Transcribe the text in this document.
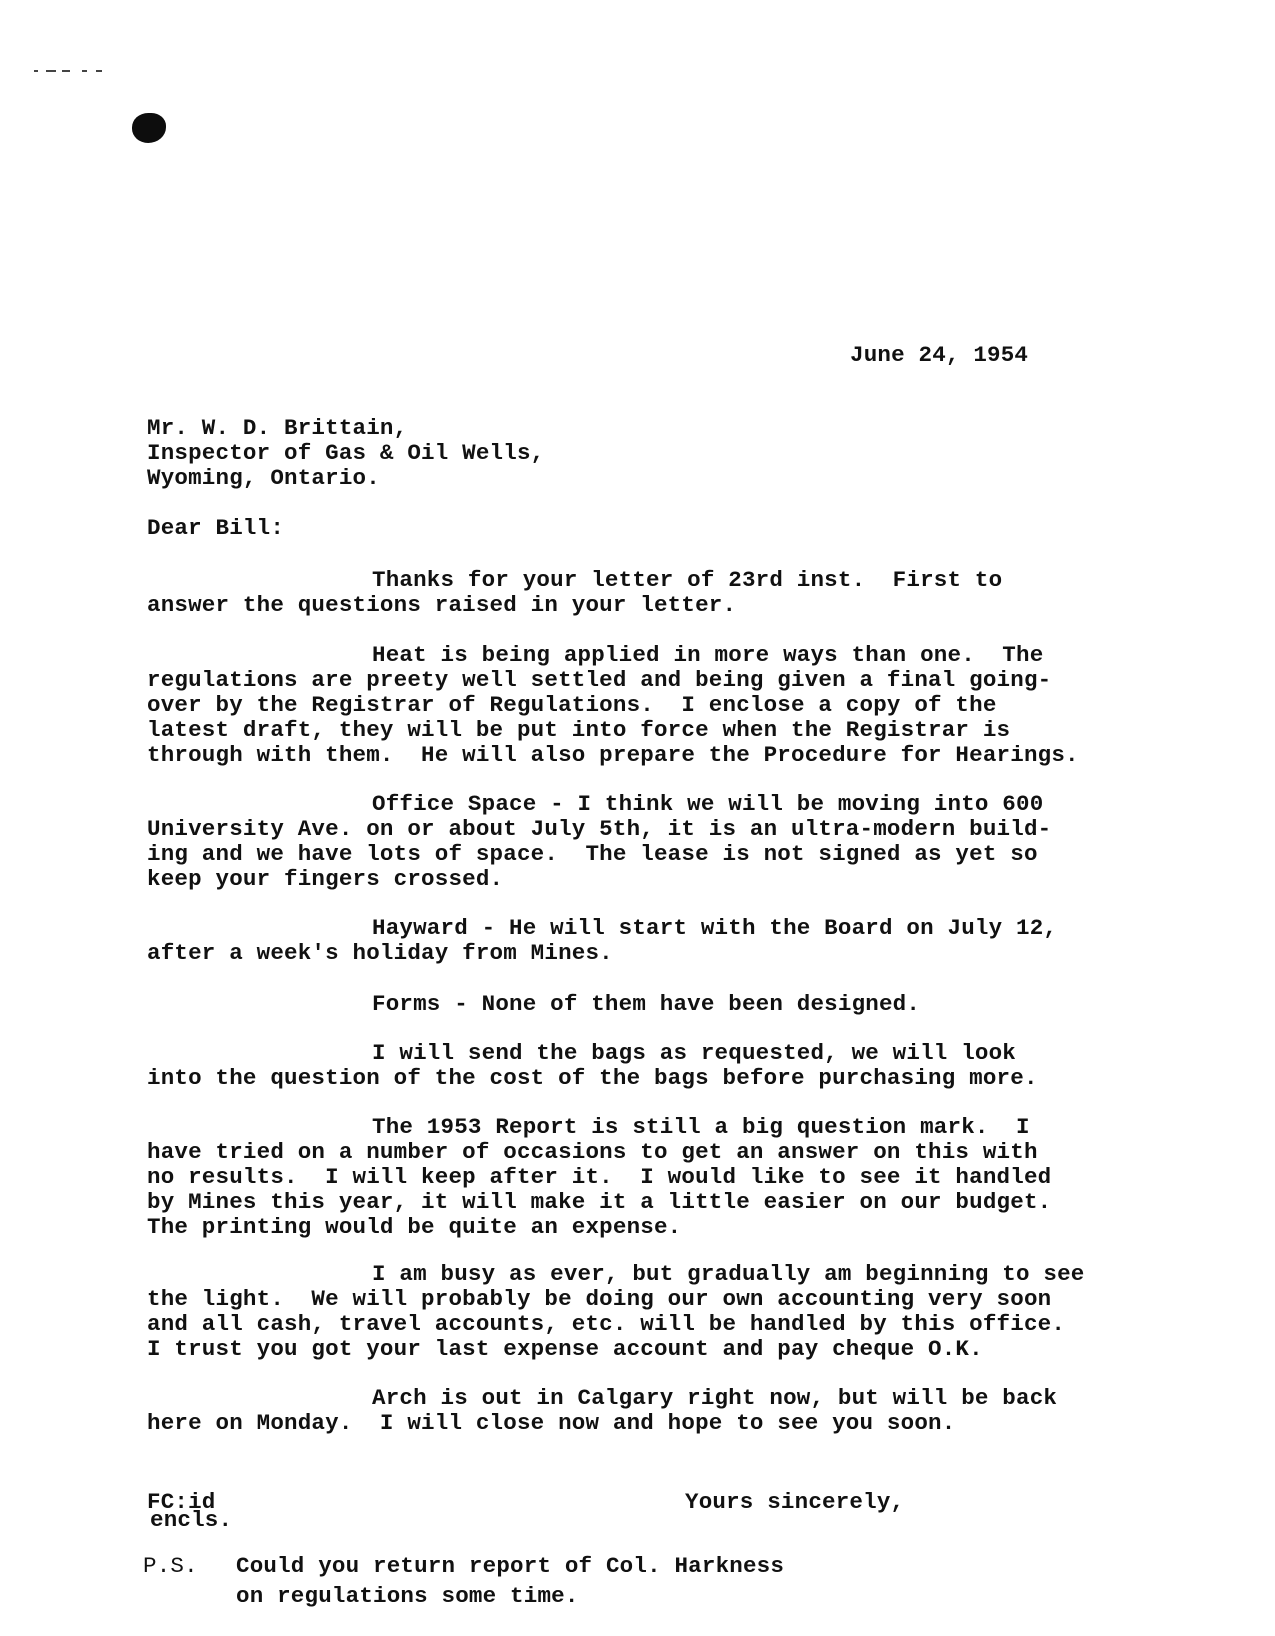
June 24, 1954
Mr. W. D. Brittain,
Inspector of Gas & Oil Wells,
Wyoming, Ontario.
Dear Bill:
Thanks for your letter of 23rd inst.  First to
answer the questions raised in your letter.
Heat is being applied in more ways than one.  The
regulations are preety well settled and being given a final going-
over by the Registrar of Regulations.  I enclose a copy of the
latest draft, they will be put into force when the Registrar is
through with them.  He will also prepare the Procedure for Hearings.
Office Space - I think we will be moving into 600
University Ave. on or about July 5th, it is an ultra-modern build-
ing and we have lots of space.  The lease is not signed as yet so
keep your fingers crossed.
Hayward - He will start with the Board on July 12,
after a week's holiday from Mines.
Forms - None of them have been designed.
I will send the bags as requested, we will look
into the question of the cost of the bags before purchasing more.
The 1953 Report is still a big question mark.  I
have tried on a number of occasions to get an answer on this with
no results.  I will keep after it.  I would like to see it handled
by Mines this year, it will make it a little easier on our budget.
The printing would be quite an expense.
I am busy as ever, but gradually am beginning to see
the light.  We will probably be doing our own accounting very soon
and all cash, travel accounts, etc. will be handled by this office.
I trust you got your last expense account and pay cheque O.K.
Arch is out in Calgary right now, but will be back
here on Monday.  I will close now and hope to see you soon.
FC:id
encls.
Yours sincerely,
P.S. Could you return report of Col. Harkness
on regulations some time.
